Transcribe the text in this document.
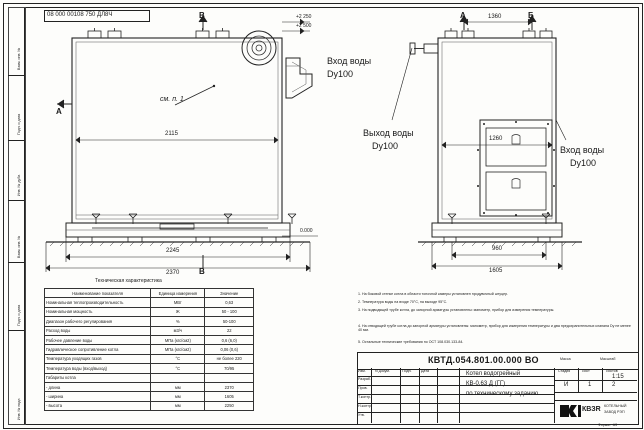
Взам. инв. №
Подп. и дата
Инв. № дубл.
Взам. инв. №
Подп. и дата
Инв. № подл.
08 000 00108 750 ДЛ8Ч	В
А
В
Вход воды
Dy100
см. п. 1
2115
2245
2370
+2 250
+2 500
0.000
А	Б
1360
1260
960
1605
Выход воды
Dy100	Вход воды
Dy100
Техническая характеристика
Наименование показателя	Единица измерения	Значение
Номинальная теплопроизводительность	МВт	0,63
Номинальная мощность	Ж	50 - 100
Диапазон рабочего регулирования	%	50-100
Расход воды	м3/ч	22
Рабочее давление воды	МПа (кгс/см2)	0,6 (6,0)
Гидравлическое сопротивление котла	МПа (кгс/см2)	0,06 (0,6)
Температура уходящих газов	°С	не более 220
Температура воды (вход/выход)	°С	70/95
Габариты котла		
- длина	мм	2370
- ширина	мм	1605
- высота	мм	2250
1. На боковой стенке котла в области топочной камеры установлен продувочный штуцер.
2. Температура воды на входе 70°С, на выходе 95°С.
3. На подводящей трубе котла, до запорной арматуры установлены: манометр, прибор для измерения температуры.
4. На отводящей трубе котла до запорной арматуры установлены: манометр, прибор для измерения температуры и два предохранительных клапана Dy не менее 40 мм.
5. Остальные технические требования по ОСТ 108.030.133-84.
КВТД.054.801.00.000 ВО
Изм.	N Докум.	Подп.	Дата
Разраб.
Пров.
Т.контр.
Н.контр.
Утв.
Котел водогрейный
КВ-0,63 Д (ГГ)
по техническому заданию
Стадия	Лист	Листов
И	1	2
Масса	Масштаб
1:15
КВЗR КОТЕЛЬНЫЙ
ЗАВОД РЭП
Формат  А3
